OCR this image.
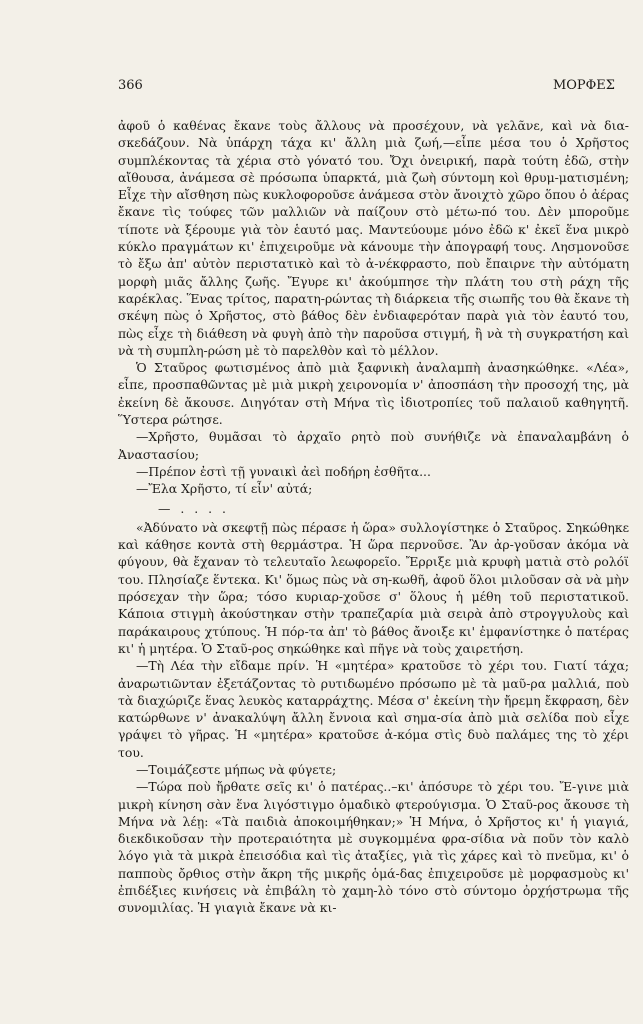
366	ΜΟΡΦΕΣ

ἀφοῦ ὁ καθένας ἔκανε τοὺς ἄλλους νὰ προσέχουν, νὰ γελᾶνε, καὶ νὰ δια-σκεδάζουν. Νὰ ὑπάρχη τάχα κι' ἄλλη μιὰ ζωή,—εἶπε μέσα του ὁ Χρῆστος συμπλέκοντας τὰ χέρια στὸ γόνατό του. Ὄχι ὀνειρική, παρὰ τούτη ἐδῶ, στὴν αἴθουσα, ἀνάμεσα σὲ πρόσωπα ὑπαρκτά, μιὰ ζωὴ σύντομη κοὶ θρυμ-ματισμένη; Εἶχε τὴν αἴσθηση πὼς κυκλοφοροῦσε ἀνάμεσα στὸν ἄνοιχτὸ χῶρο ὅπου ὁ ἀέρας ἔκανε τὶς τούφες τῶν μαλλιῶν νὰ παίζουν στὸ μέτω-πό του. Δὲν μποροῦμε τίποτε νὰ ξέρουμε γιὰ τὸν ἑαυτό μας. Μαντεύουμε μόνο ἐδῶ κ' ἐκεῖ ἕνα μικρὸ κύκλο πραγμάτων κι' ἐπιχειροῦμε νὰ κάνουμε τὴν ἀπογραφή τους. Λησμονοῦσε τὸ ἔξω ἀπ' αὐτὸν περιστατικὸ καὶ τὸ ἀ-νέκφραστο, ποὺ ἔπαιρνε τὴν αὐτόματη μορφὴ μιᾶς ἄλλης ζωῆς. Ἔγυρε κι' ἀκούμπησε τὴν πλάτη του στὴ ράχη τῆς καρέκλας. Ἕνας τρίτος, παρατη-ρώντας τὴ διάρκεια τῆς σιωπῆς του θὰ ἔκανε τὴ σκέψη πὼς ὁ Χρῆστος, στὸ βάθος δὲν ἐνδιαφερόταν παρὰ γιὰ τὸν ἑαυτό του, πὼς εἶχε τὴ διάθεση νὰ φυγὴ ἀπὸ τὴν παροῦσα στιγμή, ἢ νὰ τὴ συγκρατήση καὶ νὰ τὴ συμπλη-ρώση μὲ τὸ παρελθὸν καὶ τὸ μέλλον.

Ὁ Σταῦρος φωτισμένος ἀπὸ μιὰ ξαφνικὴ ἀναλαμπὴ ἀνασηκώθηκε. «Λέα», εἶπε, προσπαθῶντας μὲ μιὰ μικρὴ χειρονομία ν' ἀποσπάση τὴν προσοχή της, μὰ ἐκείνη δὲ ἄκουσε. Διηγόταν στὴ Μήνα τὶς ἰδιοτροπίες τοῦ παλαιοῦ καθηγητῆ. Ὕστερα ρώτησε.

—Χρῆστο, θυμᾶσαι τὸ ἀρχαῖο ρητὸ ποὺ συνήθιζε νὰ ἐπαναλαμβάνη ὁ Ἀναστασίου;

—Πρέπον ἐστὶ τῇ γυναικὶ ἀεὶ ποδήρη ἐσθῆτα...

—Ἔλα Χρῆστο, τί εἶν' αὐτά;

— . . . .

«Ἀδύνατο νὰ σκεφτῇ πὼς πέρασε ἡ ὥρα» συλλογίστηκε ὁ Σταῦρος. Σηκώθηκε καὶ κάθησε κοντὰ στὴ θερμάστρα. Ἡ ὥρα περνοῦσε. Ἂν ἀρ-γοῦσαν ἀκόμα νὰ φύγουν, θὰ ἔχαναν τὸ τελευταῖο λεωφορεῖο. Ἔρριξε μιὰ κρυφὴ ματιὰ στὸ ρολόϊ του. Πλησίαζε ἕντεκα. Κι' ὅμως πὼς νὰ ση-κωθῆ, ἀφοῦ ὅλοι μιλοῦσαν σὰ νὰ μὴν πρόσεχαν τὴν ὥρα; τόσο κυριαρ-χοῦσε σ' ὅλους ἡ μέθη τοῦ περιστατικοῦ. Κάποια στιγμὴ ἀκούστηκαν στὴν τραπεζαρία μιὰ σειρὰ ἀπὸ στρογγυλοὺς καὶ παράκαιρους χτύπους. Ἡ πόρ-τα ἀπ' τὸ βάθος ἄνοιξε κι' ἐμφανίστηκε ὁ πατέρας κι' ἡ μητέρα. Ὁ Σταῦ-ρος σηκώθηκε καὶ πῆγε νὰ τοὺς χαιρετήση.

—Τὴ Λέα τὴν εἴδαμε πρίν. Ἡ «μητέρα» κρατοῦσε τὸ χέρι του. Γιατί τάχα; ἀναρωτιῶνταν ἐξετάζοντας τὸ ρυτιδωμένο πρόσωπο μὲ τὰ μαῦ-ρα μαλλιά, ποὺ τὰ διαχώριζε ἕνας λευκὸς καταρράχτης. Μέσα σ' ἐκείνη τὴν ἤρεμη ἔκφραση, δὲν κατώρθωνε ν' ἀνακαλύψη ἄλλη ἔννοια καὶ σημα-σία ἀπὸ μιὰ σελίδα ποὺ εἶχε γράψει τὸ γῆρας. Ἡ «μητέρα» κρατοῦσε ἀ-κόμα στὶς δυὸ παλάμες της τὸ χέρι του.

—Τοιμάζεστε μήπως νὰ φύγετε;

—Τώρα ποὺ ἤρθατε σεῖς κι' ὁ πατέρας..–κι' ἀπόσυρε τὸ χέρι του. Ἔ-γινε μιὰ μικρὴ κίνηση σὰν ἕνα λιγόστιγμο ὁμαδικὸ φτερούγισμα. Ὁ Σταῦ-ρος ἄκουσε τὴ Μήνα νὰ λέῃ: «Τὰ παιδιὰ ἀποκοιμήθηκαν;» Ἡ Μήνα, ὁ Χρῆστος κι' ἡ γιαγιά, διεκδικοῦσαν τὴν προτεραιότητα μὲ συγκομμένα φρα-σίδια νὰ ποῦν τὸν καλὸ λόγο γιὰ τὰ μικρὰ ἐπεισόδια καὶ τὶς ἀταξίες, γιὰ τὶς χάρες καὶ τὸ πνεῦμα, κι' ὁ παπποὺς ὄρθιος στὴν ἄκρη τῆς μικρῆς ὁμά-δας ἐπιχειροῦσε μὲ μορφασμοὺς κι' ἐπιδέξιες κινήσεις νὰ ἐπιβάλη τὸ χαμη-λὸ τόνο στὸ σύντομο ὀρχήστρωμα τῆς συνομιλίας. Ἡ γιαγιὰ ἔκανε νὰ κι-
